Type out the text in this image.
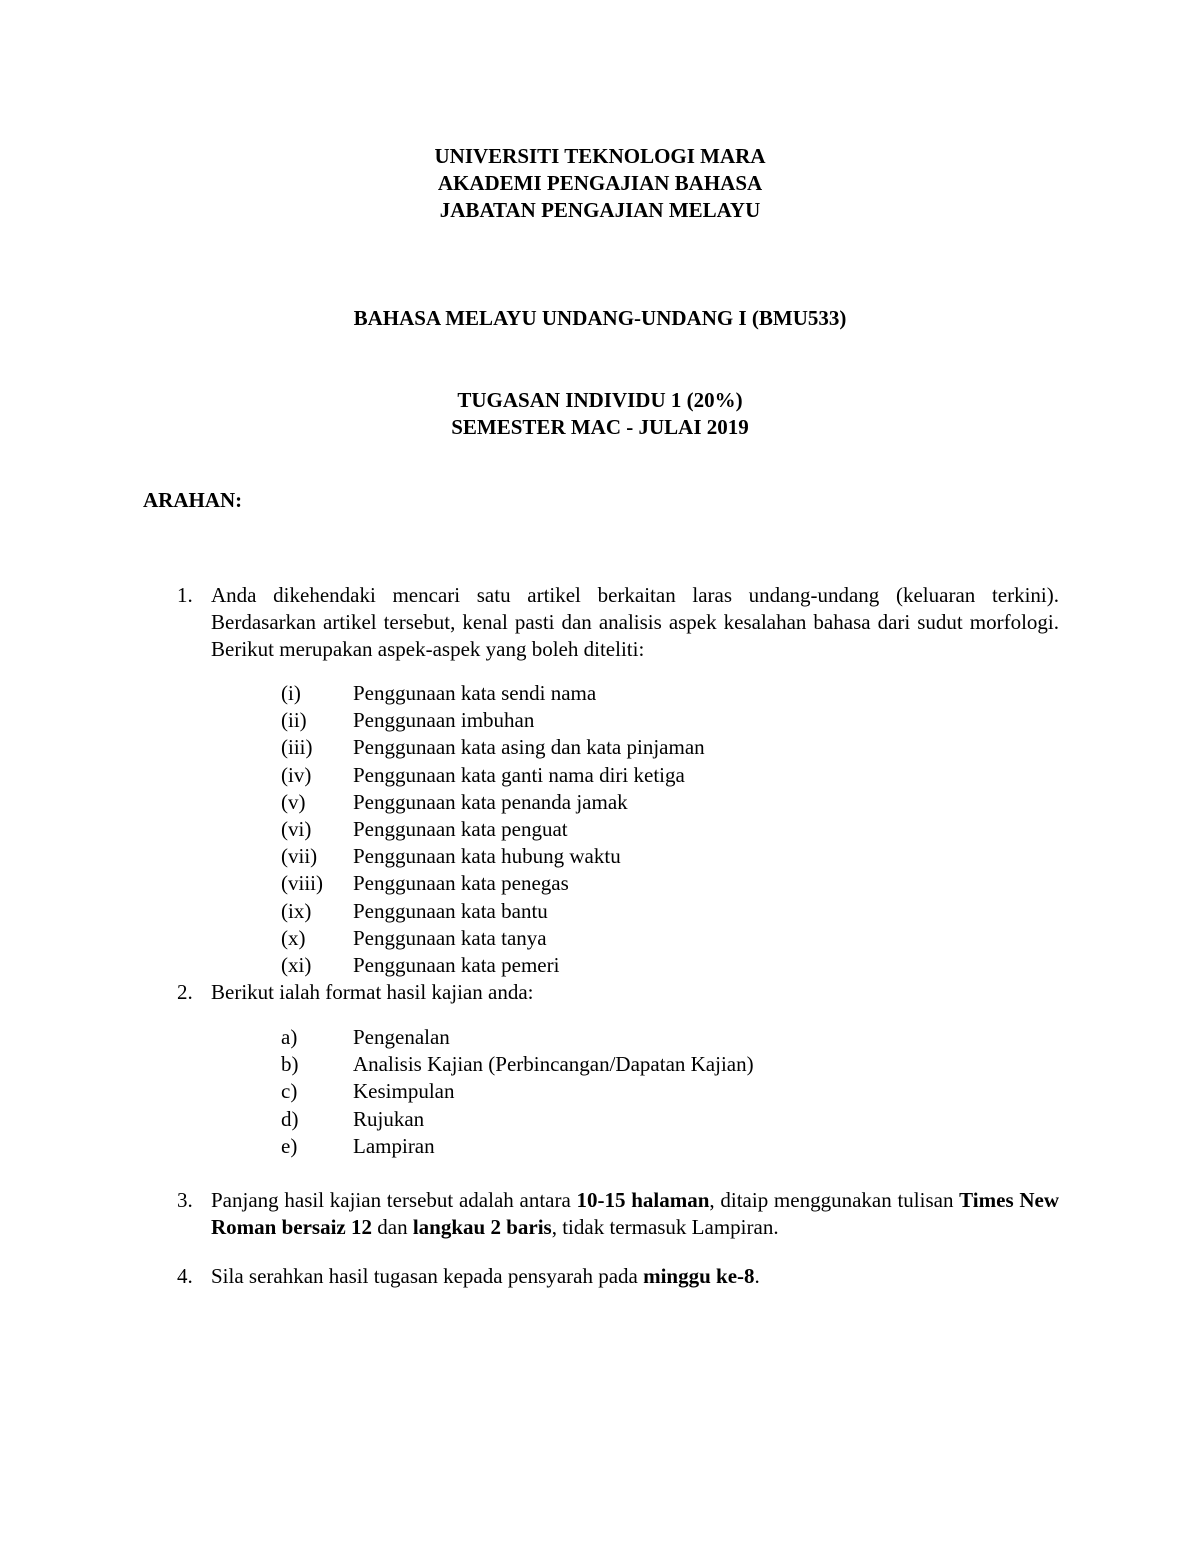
UNIVERSITI TEKNOLOGI MARA
AKADEMI PENGAJIAN BAHASA
JABATAN PENGAJIAN MELAYU
BAHASA MELAYU UNDANG-UNDANG I (BMU533)
TUGASAN INDIVIDU 1 (20%)
SEMESTER MAC - JULAI 2019
ARAHAN:
1. Anda dikehendaki mencari satu artikel berkaitan laras undang-undang (keluaran terkini). Berdasarkan artikel tersebut, kenal pasti dan analisis aspek kesalahan bahasa dari sudut morfologi. Berikut merupakan aspek-aspek yang boleh diteliti:
(i) Penggunaan kata sendi nama
(ii) Penggunaan imbuhan
(iii) Penggunaan kata asing dan kata pinjaman
(iv) Penggunaan kata ganti nama diri ketiga
(v) Penggunaan kata penanda jamak
(vi) Penggunaan kata penguat
(vii) Penggunaan kata hubung waktu
(viii) Penggunaan kata penegas
(ix) Penggunaan kata bantu
(x) Penggunaan kata tanya
(xi) Penggunaan kata pemeri
2. Berikut ialah format hasil kajian anda:
a)	Pengenalan
b)	Analisis Kajian (Perbincangan/Dapatan Kajian)
c)	Kesimpulan
d)	Rujukan
e)	Lampiran
3. Panjang hasil kajian tersebut adalah antara 10-15 halaman, ditaip menggunakan tulisan Times New Roman bersaiz 12 dan langkau 2 baris, tidak termasuk Lampiran.
4. Sila serahkan hasil tugasan kepada pensyarah pada minggu ke-8.
